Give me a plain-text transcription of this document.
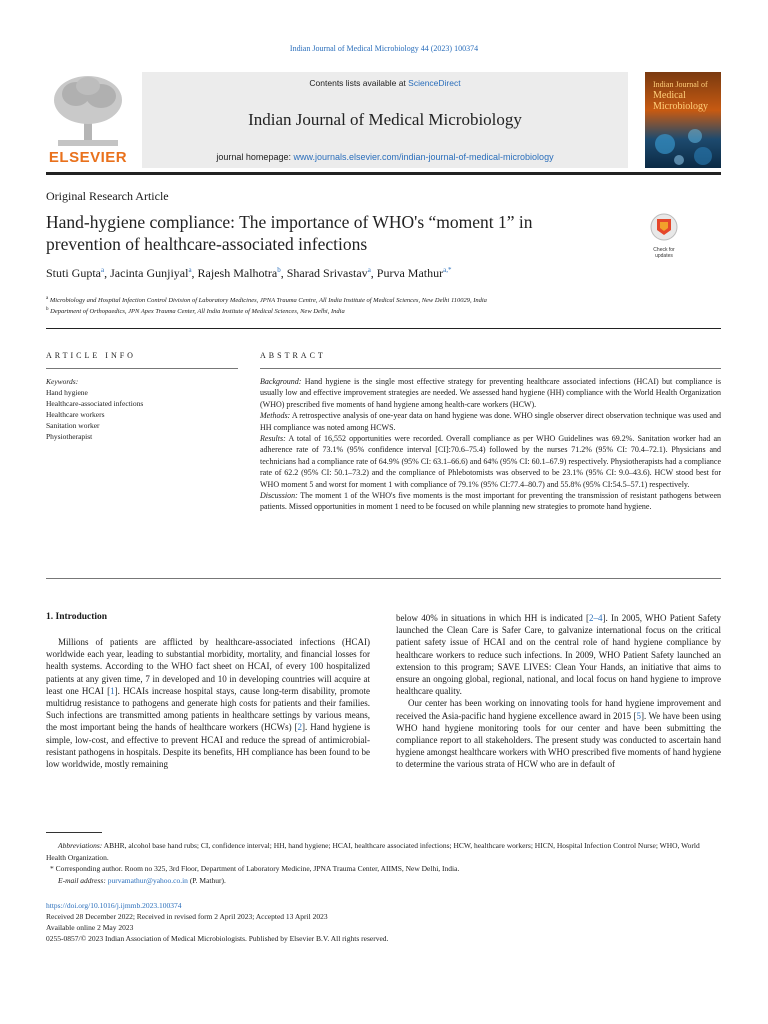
Indian Journal of Medical Microbiology 44 (2023) 100374
ELSEVIER
Contents lists available at ScienceDirect
Indian Journal of Medical Microbiology
journal homepage: www.journals.elsevier.com/indian-journal-of-medical-microbiology
Indian Journal of
Medical Microbiology
Original Research Article
Hand-hygiene compliance: The importance of WHO's “moment 1” in prevention of healthcare-associated infections	Check for updates
Stuti Gupta$^a$, Jacinta Gunjiyal$^a$, Rajesh Malhotra$^b$, Sharad Srivastav$^a$, Purva Mathur$^{a,*}$
$^a$ Microbiology and Hospital Infection Control Division of Laboratory Medicines, JPNA Trauma Centre, All India Institute of Medical Sciences, New Delhi 110029, India
$^b$ Department of Orthopaedics, JPN Apex Trauma Center, All India Institute of Medical Sciences, New Delhi, India
ARTICLE INFO
Keywords:
Hand hygiene
Healthcare-associated infections
Healthcare workers
Sanitation worker
Physiotherapist
ABSTRACT

Background: Hand hygiene is the single most effective strategy for preventing healthcare associated infections (HCAI) but compliance is usually low and effective improvement strategies are needed. We assessed hand hygiene (HH) compliance with the World Health Organization (WHO) prescribed five moments of hand hygiene among health-care workers (HCW).

Methods: A retrospective analysis of one-year data on hand hygiene was done. WHO single observer direct observation technique was used and HH compliance was noted among HCWS.

Results: A total of 16,552 opportunities were recorded. Overall compliance as per WHO Guidelines was 69.2%. Sanitation worker had an adherence rate of 73.1% (95% confidence interval [CI]:70.6–75.4) followed by the nurses 71.2% (95% CI: 70.4–72.1). Physicians and technicians had a compliance rate of 64.9% (95% CI: 63.1–66.6) and 64% (95% CI: 60.1–67.9) respectively. Physiotherapists had a compliance rate of 62.2 (95% CI: 50.1–73.2) and the compliance of Phlebotomists was observed to be 23.1% (95% CI: 9.0–43.6). HCW stood best for WHO moment 5 and worst for moment 1 with compliance of 79.1% (95% CI:77.4–80.7) and 55.8% (95% CI:54.5–57.1) respectively.

Discussion: The moment 1 of the WHO's five moments is the most important for preventing the transmission of resistant pathogens between patients. Missed opportunities in moment 1 need to be focused on while planning new strategies to promote hand hygiene.

1. Introduction

Millions of patients are afflicted by healthcare-associated infections (HCAI) worldwide each year, leading to substantial morbidity, mortality, and financial losses for health systems. According to the WHO fact sheet on HCAI, of every 100 hospitalized patients at any given time, 7 in developed and 10 in developing countries will acquire at least one HCAI [1]. HCAIs increase hospital stays, cause long-term disability, promote multidrug resistance to pathogens and generate high costs for patients and their families. Such infections are transmitted among patients in healthcare settings by various means, the most important being the hands of healthcare workers (HCWs) [2]. Hand hygiene is simple, low-cost, and effective to prevent HCAI and reduce the spread of antimicrobial-resistant pathogens in hospitals. Despite its benefits, HH compliance has been found to be low worldwide, mostly remaining

below 40% in situations in which HH is indicated [2–4]. In 2005, WHO Patient Safety launched the Clean Care is Safer Care, to galvanize international focus on the critical patient safety issue of HCAI and on the central role of hand hygiene compliance by healthcare workers to reduce such infections. In 2009, WHO Patient Safety launched an extension to this program; SAVE LIVES: Clean Your Hands, an initiative that aims to ensure an ongoing global, regional, national, and local focus on hand hygiene to improve healthcare quality.

Our center has been working on innovating tools for hand hygiene improvement and received the Asia-pacific hand hygiene excellence award in 2015 [5]. We have been using WHO hand hygiene monitoring tools for our center and have been submitting the compliance report to all stakeholders. The present study was conducted to ascertain hand hygiene amongst healthcare workers with WHO prescribed five moments of hand hygiene to determine the various strata of HCW who are in default of

Abbreviations: ABHR, alcohol base hand rubs; CI, confidence interval; HH, hand hygiene; HCAI, healthcare associated infections; HCW, healthcare workers; HICN, Hospital Infection Control Nurse; WHO, World Health Organization.
* Corresponding author. Room no 325, 3rd Floor, Department of Laboratory Medicine, JPNA Trauma Center, AIIMS, New Delhi, India.
E-mail address: purvamathur@yahoo.co.in (P. Mathur).
https://doi.org/10.1016/j.ijmmb.2023.100374
Received 28 December 2022; Received in revised form 2 April 2023; Accepted 13 April 2023
Available online 2 May 2023
0255-0857/© 2023 Indian Association of Medical Microbiologists. Published by Elsevier B.V. All rights reserved.
